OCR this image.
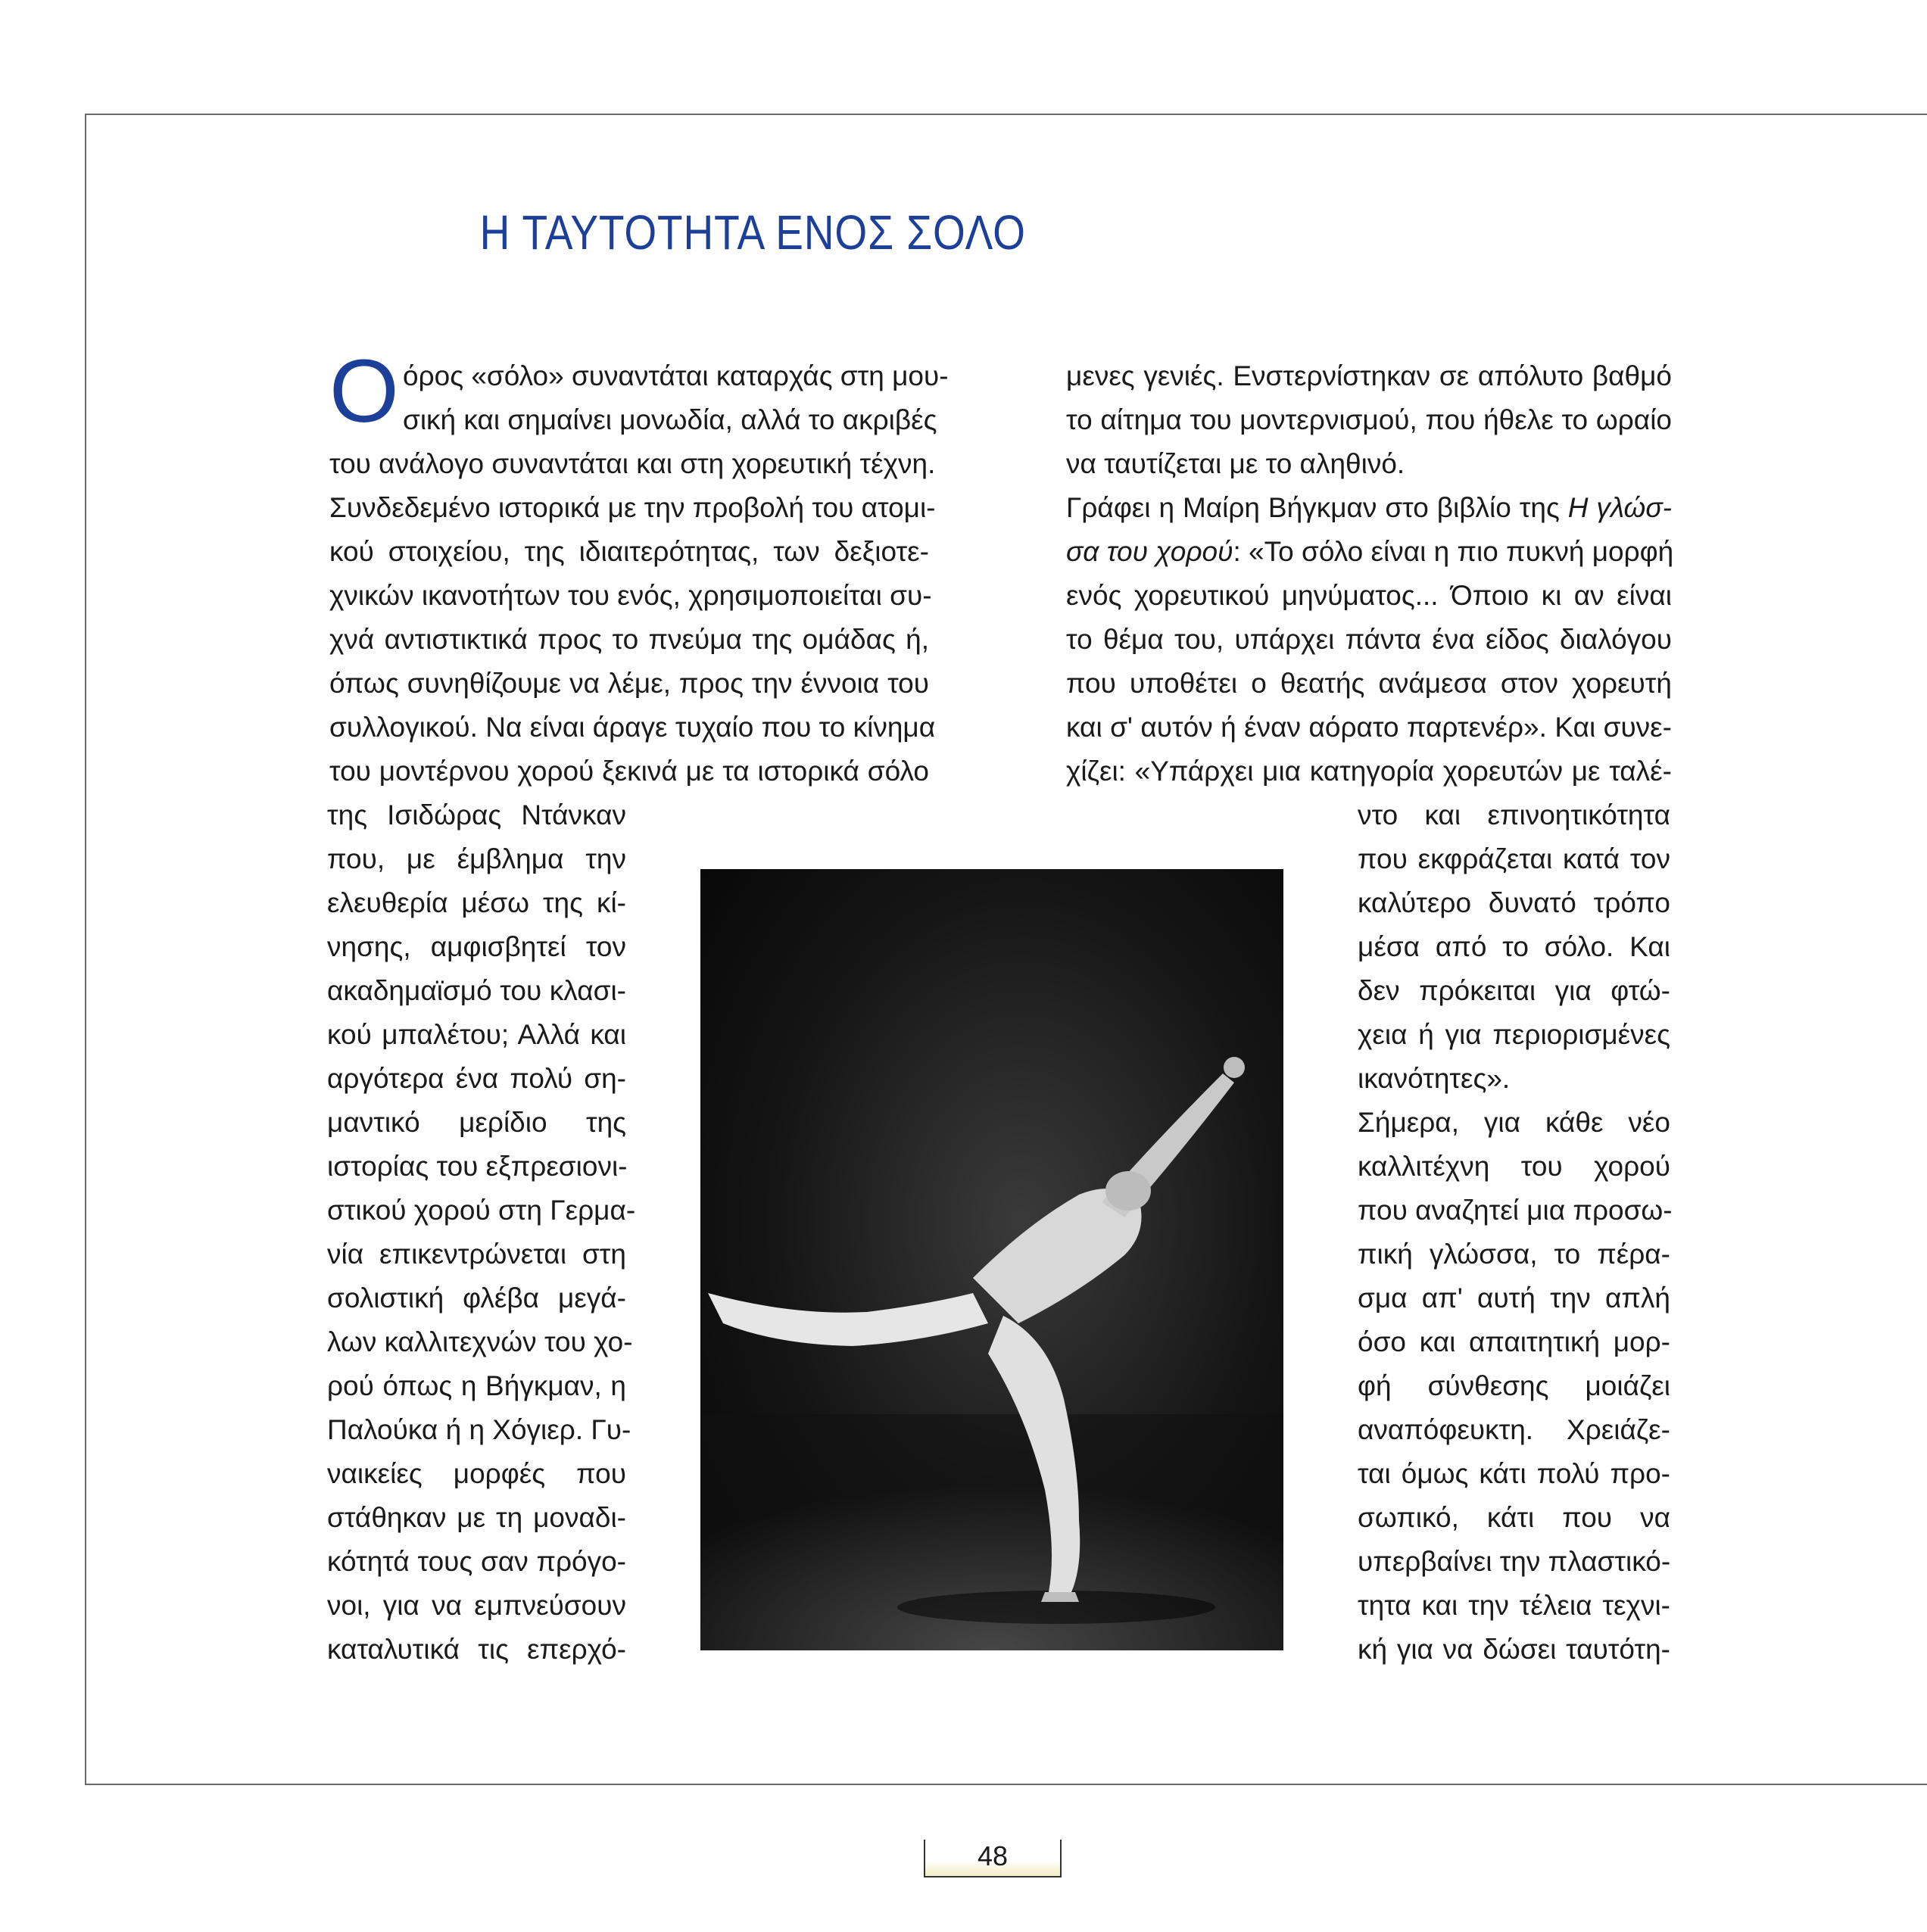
Η ΤΑΥΤΟΤΗΤΑ ΕΝΟΣ ΣΟΛΟ
Ο όρος «σόλο» συναντάται καταρχάς στη μου-
σική και σημαίνει μονωδία, αλλά το ακριβές
του ανάλογο συναντάται και στη χορευτική τέχνη.
Συνδεδεμένο ιστορικά με την προβολή του ατομι-
κού στοιχείου, της ιδιαιτερότητας, των δεξιοτε-
χνικών ικανοτήτων του ενός, χρησιμοποιείται συ-
χνά αντιστικτικά προς το πνεύμα της ομάδας ή,
όπως συνηθίζουμε να λέμε, προς την έννοια του
συλλογικού. Να είναι άραγε τυχαίο που το κίνημα
του μοντέρνου χορού ξεκινά με τα ιστορικά σόλο
της Ισιδώρας Ντάνκαν
που, με έμβλημα την
ελευθερία μέσω της κί-
νησης, αμφισβητεί τον
ακαδημαϊσμό του κλασι-
κού μπαλέτου; Αλλά και
αργότερα ένα πολύ ση-
μαντικό μερίδιο της
ιστορίας του εξπρεσιονι-
στικού χορού στη Γερμα-
νία επικεντρώνεται στη
σολιστική φλέβα μεγά-
λων καλλιτεχνών του χο-
ρού όπως η Βήγκμαν, η
Παλούκα ή η Χόγιερ. Γυ-
ναικείες μορφές που
στάθηκαν με τη μοναδι-
κότητά τους σαν πρόγο-
νοι, για να εμπνεύσουν
καταλυτικά τις επερχό-
μενες γενιές. Ενστερνίστηκαν σε απόλυτο βαθμό
το αίτημα του μοντερνισμού, που ήθελε το ωραίο
να ταυτίζεται με το αληθινό.
Γράφει η Μαίρη Βήγκμαν στο βιβλίο της Η γλώσ-
σα του χορού: «Το σόλο είναι η πιο πυκνή μορφή
ενός χορευτικού μηνύματος... Όποιο κι αν είναι
το θέμα του, υπάρχει πάντα ένα είδος διαλόγου
που υποθέτει ο θεατής ανάμεσα στον χορευτή
και σ' αυτόν ή έναν αόρατο παρτενέρ». Και συνε-
χίζει: «Υπάρχει μια κατηγορία χορευτών με ταλέ-
ντο και επινοητικότητα
που εκφράζεται κατά τον
καλύτερο δυνατό τρόπο
μέσα από το σόλο. Και
δεν πρόκειται για φτώ-
χεια ή για περιορισμένες
ικανότητες».
Σήμερα, για κάθε νέο
καλλιτέχνη του χορού
που αναζητεί μια προσω-
πική γλώσσα, το πέρα-
σμα απ' αυτή την απλή
όσο και απαιτητική μορ-
φή σύνθεσης μοιάζει
αναπόφευκτη. Χρειάζε-
ται όμως κάτι πολύ προ-
σωπικό, κάτι που να
υπερβαίνει την πλαστικό-
τητα και την τέλεια τεχνι-
κή για να δώσει ταυτότη-
48
